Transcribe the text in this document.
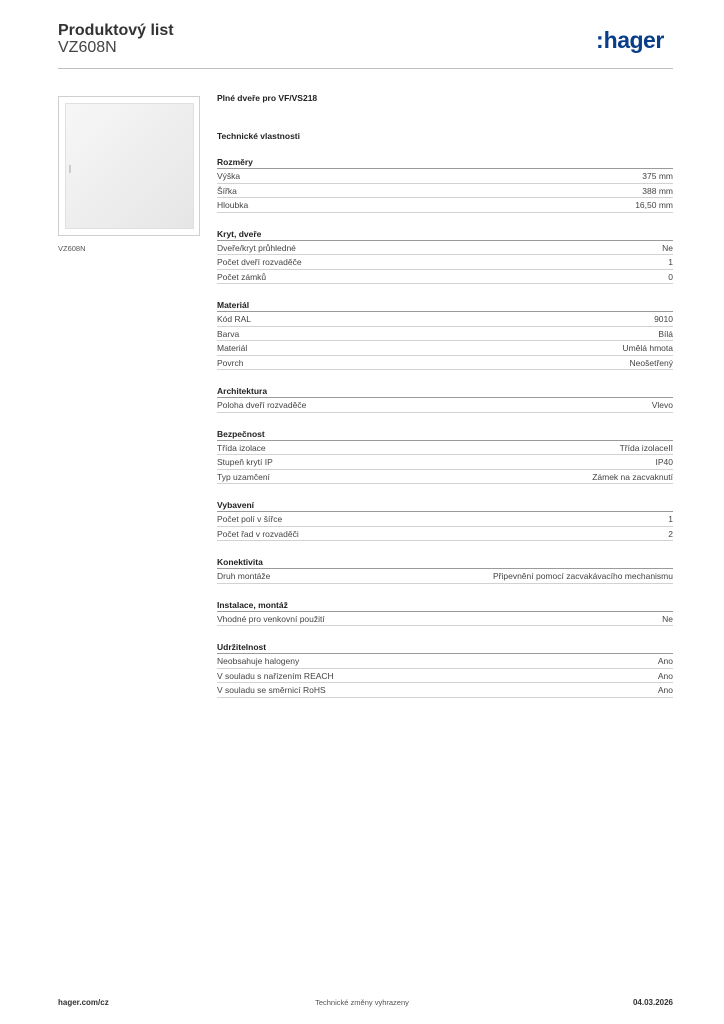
Produktový list
VZ608N	:hager
VZ608N
Plné dveře pro VF/VS218
Technické vlastnosti
Rozměry
Výška	375 mm
Šířka	388 mm
Hloubka	16,50 mm
Kryt, dveře
Dveře/kryt průhledné	Ne
Počet dveří rozvaděče	1
Počet zámků	0
Materiál
Kód RAL	9010
Barva	Bílá
Materiál	Umělá hmota
Povrch	Neošetřený
Architektura
Poloha dveří rozvaděče	Vlevo
Bezpečnost
Třída izolace	Třída izolaceII
Stupeň krytí IP	IP40
Typ uzamčení	Zámek na zacvaknutí
Vybavení
Počet polí v šířce	1
Počet řad v rozvaděči	2
Konektivita
Druh montáže	Připevnění pomocí zacvakávacího mechanismu
Instalace, montáž
Vhodné pro venkovní použití	Ne
Udržitelnost
Neobsahuje halogeny	Ano
V souladu s nařízením REACH	Ano
V souladu se směrnicí RoHS	Ano
hager.com/cz	Technické změny vyhrazeny	04.03.2026
